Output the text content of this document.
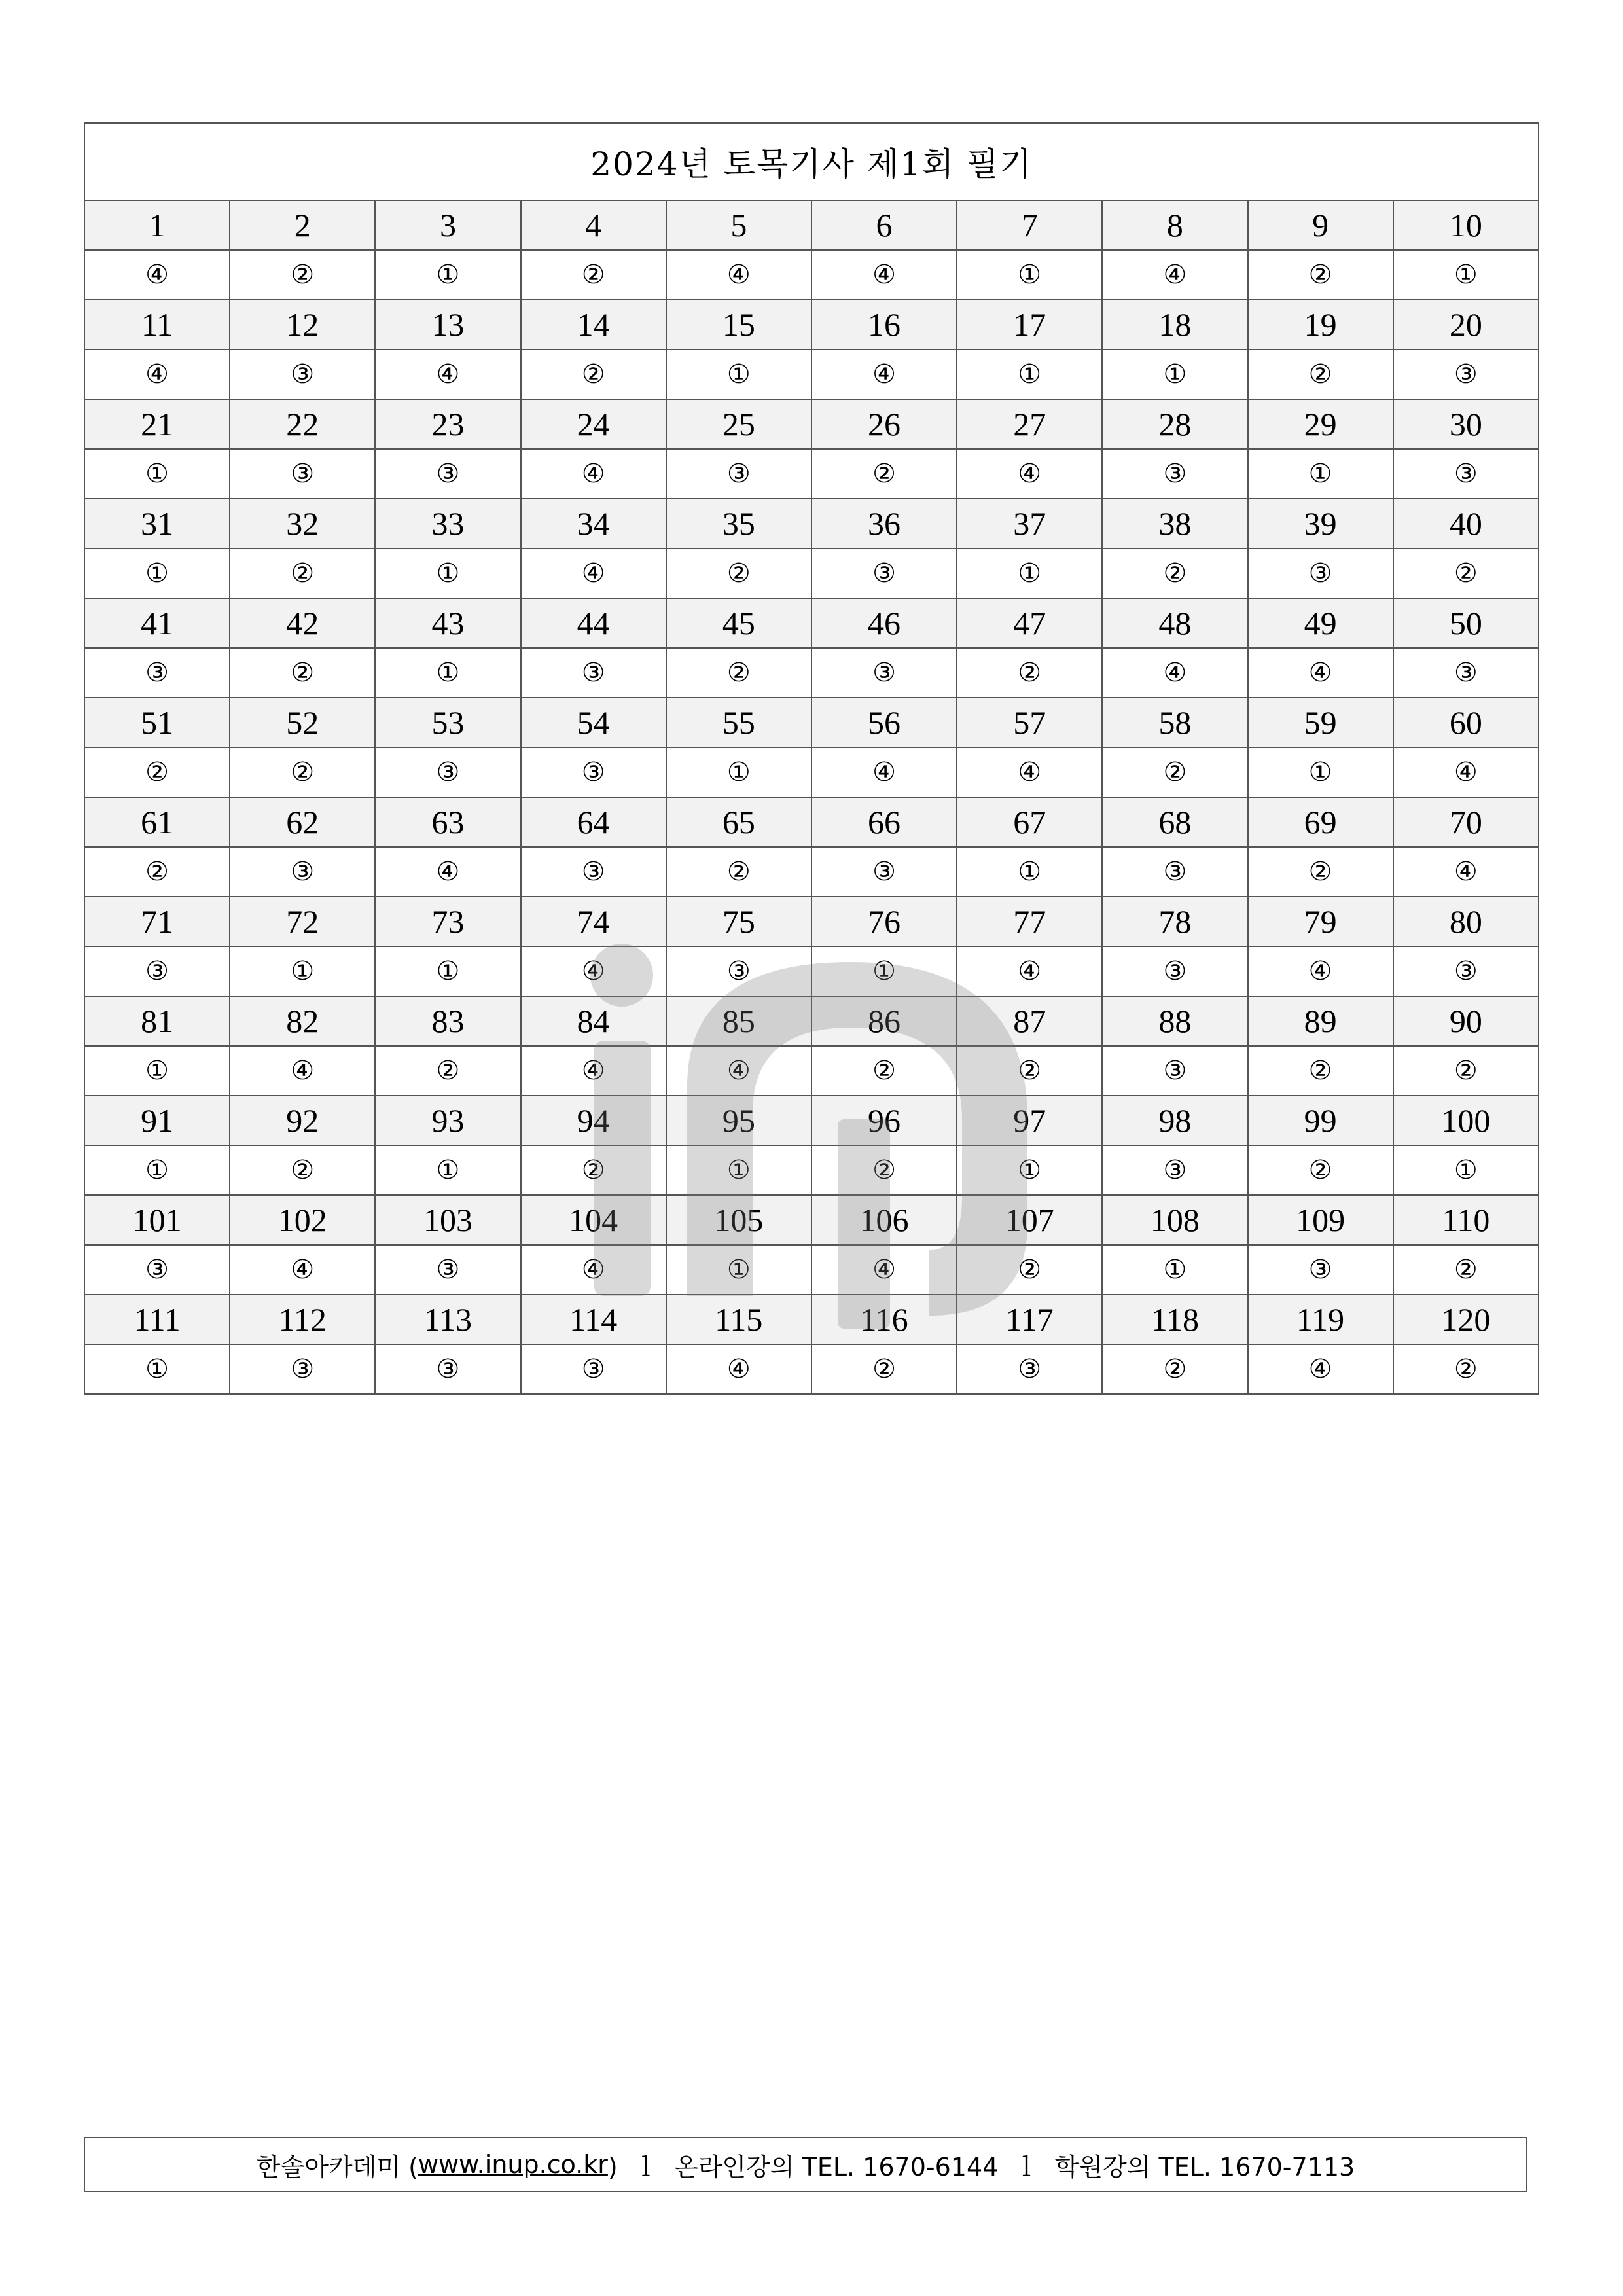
2024년 토목기사 제1회 필기									
1	2	3	4	5	6	7	8	9	10
④	②	①	②	④	④	①	④	②	①
11	12	13	14	15	16	17	18	19	20
④	③	④	②	①	④	①	①	②	③
21	22	23	24	25	26	27	28	29	30
①	③	③	④	③	②	④	③	①	③
31	32	33	34	35	36	37	38	39	40
①	②	①	④	②	③	①	②	③	②
41	42	43	44	45	46	47	48	49	50
③	②	①	③	②	③	②	④	④	③
51	52	53	54	55	56	57	58	59	60
②	②	③	③	①	④	④	②	①	④
61	62	63	64	65	66	67	68	69	70
②	③	④	③	②	③	①	③	②	④
71	72	73	74	75	76	77	78	79	80
③	①	①	④	③	①	④	③	④	③
81	82	83	84	85	86	87	88	89	90
①	④	②	④	④	②	②	③	②	②
91	92	93	94	95	96	97	98	99	100
①	②	①	②	①	②	①	③	②	①
101	102	103	104	105	106	107	108	109	110
③	④	③	④	①	④	②	①	③	②
111	112	113	114	115	116	117	118	119	120
①	③	③	③	④	②	③	②	④	②
한솔아카데미 ( www.inup.co.kr )  ｌ  온라인강의 TEL. 1670-6144  ｌ  학원강의 TEL. 1670-7113
